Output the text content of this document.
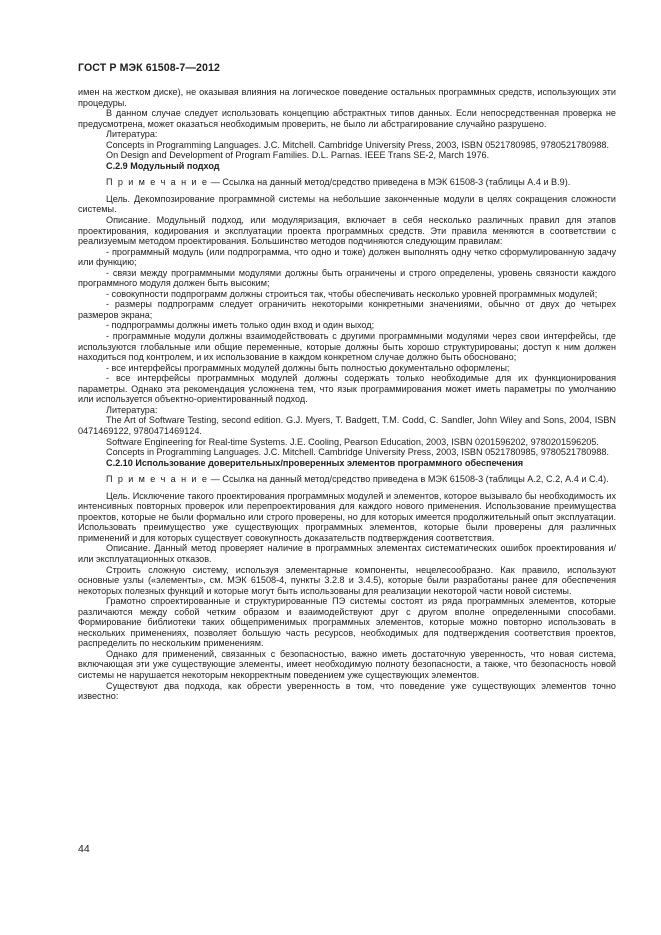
ГОСТ Р МЭК 61508-7—2012

имен на жестком диске), не оказывая влияния на логическое поведение остальных программных средств, использующих эти процедуры.

В данном случае следует использовать концепцию абстрактных типов данных. Если непосредственная проверка не предусмотрена, может оказаться необходимым проверить, не было ли абстрагирование случайно разрушено.

Литература:

Concepts in Programming Languages. J.C. Mitchell. Cambridge University Press, 2003, ISBN 0521780985, 9780521780988.

On Design and Development of Program Families. D.L. Parnas. IEEE Trans SE-2, March 1976.

С.2.9 Модульный подход

П р и м е ч а н и е — Ссылка на данный метод/средство приведена в МЭК 61508-3 (таблицы А.4 и В.9).

Цель. Декомпозирование программной системы на небольшие законченные модули в целях сокращения сложности системы.

Описание. Модульный подход, или модуляризация, включает в себя несколько различных правил для этапов проектирования, кодирования и эксплуатации проекта программных средств. Эти правила меняются в соответствии с реализуемым методом проектирования. Большинство методов подчиняются следующим правилам:

- программный модуль (или подпрограмма, что одно и тоже) должен выполнять одну четко сформулированную задачу или функцию;

- связи между программными модулями должны быть ограничены и строго определены, уровень связности каждого программного модуля должен быть высоким;

- совокупности подпрограмм должны строиться так, чтобы обеспечивать несколько уровней программных модулей;

- размеры подпрограмм следует ограничить некоторыми конкретными значениями, обычно от двух до четырех размеров экрана;

- подпрограммы должны иметь только один вход и один выход;

- программные модули должны взаимодействовать с другими программными модулями через свои интерфейсы, где используются глобальные или общие переменные, которые должны быть хорошо структурированы; доступ к ним должен находиться под контролем, и их использование в каждом конкретном случае должно быть обосновано;

- все интерфейсы программных модулей должны быть полностью документально оформлены;

- все интерфейсы программных модулей должны содержать только необходимые для их функционирования параметры. Однако эта рекомендация усложнена тем, что язык программирования может иметь параметры по умолчанию или используется объектно-ориентированный подход.

Литература:

The Art of Software Testing, second edition. G.J. Myers, T. Badgett, T.M. Codd, C. Sandler, John Wiley and Sons, 2004, ISBN 0471469122, 9780471469124.

Software Engineering for Real-time Systems. J.E. Cooling, Pearson Education, 2003, ISBN 0201596202, 9780201596205.

Concepts in Programming Languages. J.C. Mitchell. Cambridge University Press, 2003, ISBN 0521780985, 9780521780988.

С.2.10 Использование доверительных/проверенных элементов программного обеспечения

П р и м е ч а н и е — Ссылка на данный метод/средство приведена в МЭК 61508-3 (таблицы А.2, С.2, А.4 и С.4).

Цель. Исключение такого проектирования программных модулей и элементов, которое вызывало бы необходимость их интенсивных повторных проверок или перепроектирования для каждого нового применения. Использование преимущества проектов, которые не были формально или строго проверены, но для которых имеется продолжительный опыт эксплуатации. Использовать преимущество уже существующих программных элементов, которые были проверены для различных применений и для которых существует совокупность доказательств подтверждения соответствия.

Описание. Данный метод проверяет наличие в программных элементах систематических ошибок проектирования и/или эксплуатационных отказов.

Строить сложную систему, используя элементарные компоненты, нецелесообразно. Как правило, используют основные узлы («элементы», см. МЭК 61508-4, пункты 3.2.8 и 3.4.5), которые были разработаны ранее для обеспечения некоторых полезных функций и которые могут быть использованы для реализации некоторой части новой системы.

Грамотно спроектированные и структурированные ПЭ системы состоят из ряда программных элементов, которые различаются между собой четким образом и взаимодействуют друг с другом вполне определенными способами. Формирование библиотеки таких общеприменимых программных элементов, которые можно повторно использовать в нескольких применениях, позволяет большую часть ресурсов, необходимых для подтверждения соответствия проектов, распределить по нескольким применениям.

Однако для применений, связанных с безопасностью, важно иметь достаточную уверенность, что новая система, включающая эти уже существующие элементы, имеет необходимую полноту безопасности, а также, что безопасность новой системы не нарушается некоторым некорректным поведением уже существующих элементов.

Существуют два подхода, как обрести уверенность в том, что поведение уже существующих элементов точно известно:

44
